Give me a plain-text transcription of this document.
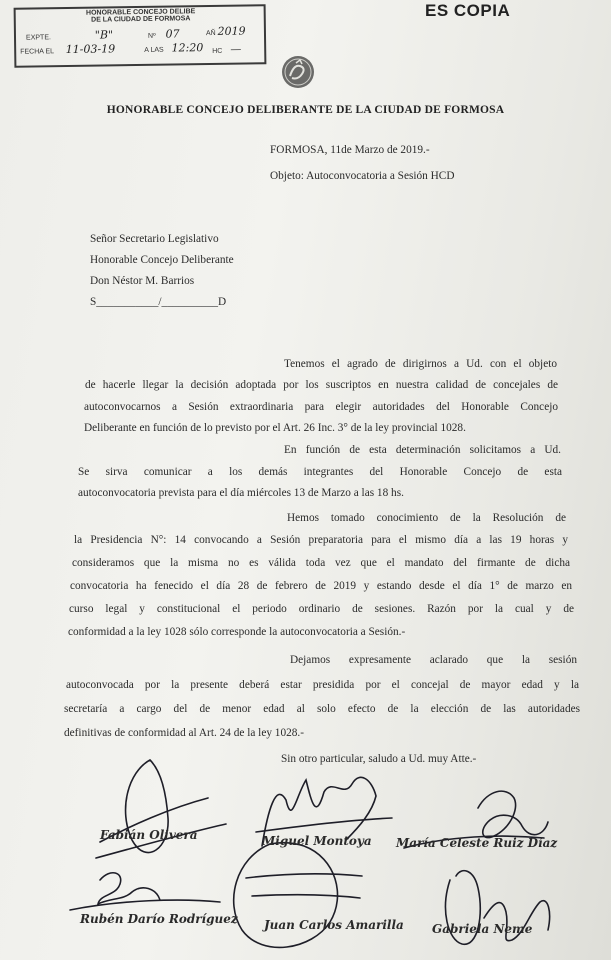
HONORABLE CONCEJO DELIBE
DE LA CIUDAD DE FORMOSA
EXPTE.	"B"	Nº 07	AÑ 2019
FECHA EL 11-03-19	A LAS 12:20 HC —
ES COPIA
HONORABLE CONCEJO DELIBERANTE DE LA CIUDAD DE FORMOSA
FORMOSA, 11de Marzo de 2019.-
Objeto: Autoconvocatoria a Sesión HCD
Señor Secretario Legislativo
Honorable Concejo Deliberante
Don Néstor M. Barrios
S___________/__________D
Tenemos el agrado de dirigirnos a Ud. con el objeto
de hacerle llegar la decisión adoptada por los suscriptos en nuestra calidad de concejales de
autoconvocarnos a Sesión extraordinaria para elegir autoridades del Honorable Concejo
Deliberante en función de lo previsto por el Art. 26 Inc. 3° de la ley provincial 1028.
En función de esta determinación solicitamos a Ud.
Se sirva comunicar a los demás integrantes del Honorable Concejo de esta
autoconvocatoria prevista para el día miércoles 13 de Marzo a las 18 hs.
Hemos tomado conocimiento de la Resolución de
la Presidencia N°: 14 convocando a Sesión preparatoria para el mismo día a las 19 horas y
consideramos que la misma no es válida toda vez que el mandato del firmante de dicha
convocatoria ha fenecido el día 28 de febrero de 2019 y estando desde el día 1° de marzo en
curso legal y constitucional el periodo ordinario de sesiones. Razón por la cual y de
conformidad a la ley 1028 sólo corresponde la autoconvocatoria a Sesión.-
Dejamos expresamente aclarado que la sesión
autoconvocada por la presente deberá estar presidida por el concejal de mayor edad y la
secretaría a cargo del de menor edad al solo efecto de la elección de las autoridades
definitivas de conformidad al Art. 24 de la ley 1028.-
Sin otro particular, saludo a Ud. muy Atte.-
Fabián Olivera	Miguel Montoya María Celeste Ruiz Díaz
Rubén Darío Rodríguez Juan Carlos Amarilla Gabriela Neme
